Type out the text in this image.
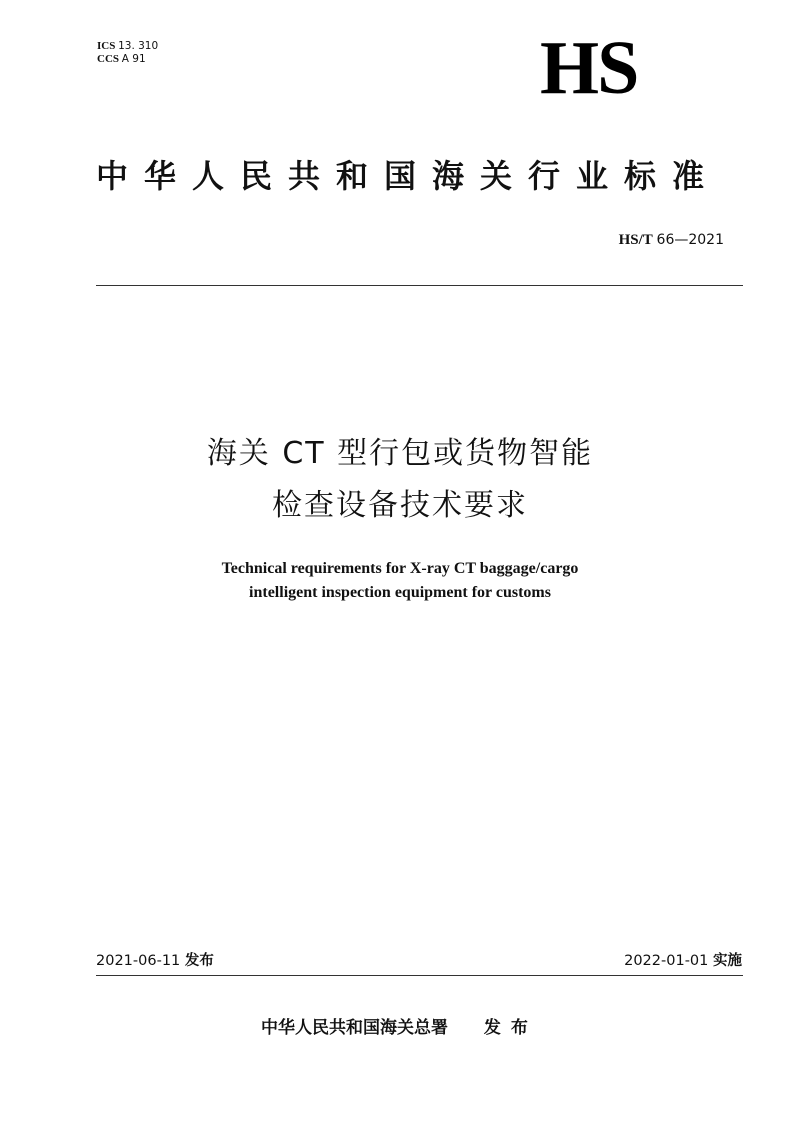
ICS 13. 310
CCS A 91	HS
中华人民共和国海关行业标准
HS/T 66—2021
海关 CT 型行包或货物智能
检查设备技术要求
Technical requirements for X-ray CT baggage/cargo
intelligent inspection equipment for customs
2021-06-11 发布	2022-01-01 实施
中华人民共和国海关总署 发布
